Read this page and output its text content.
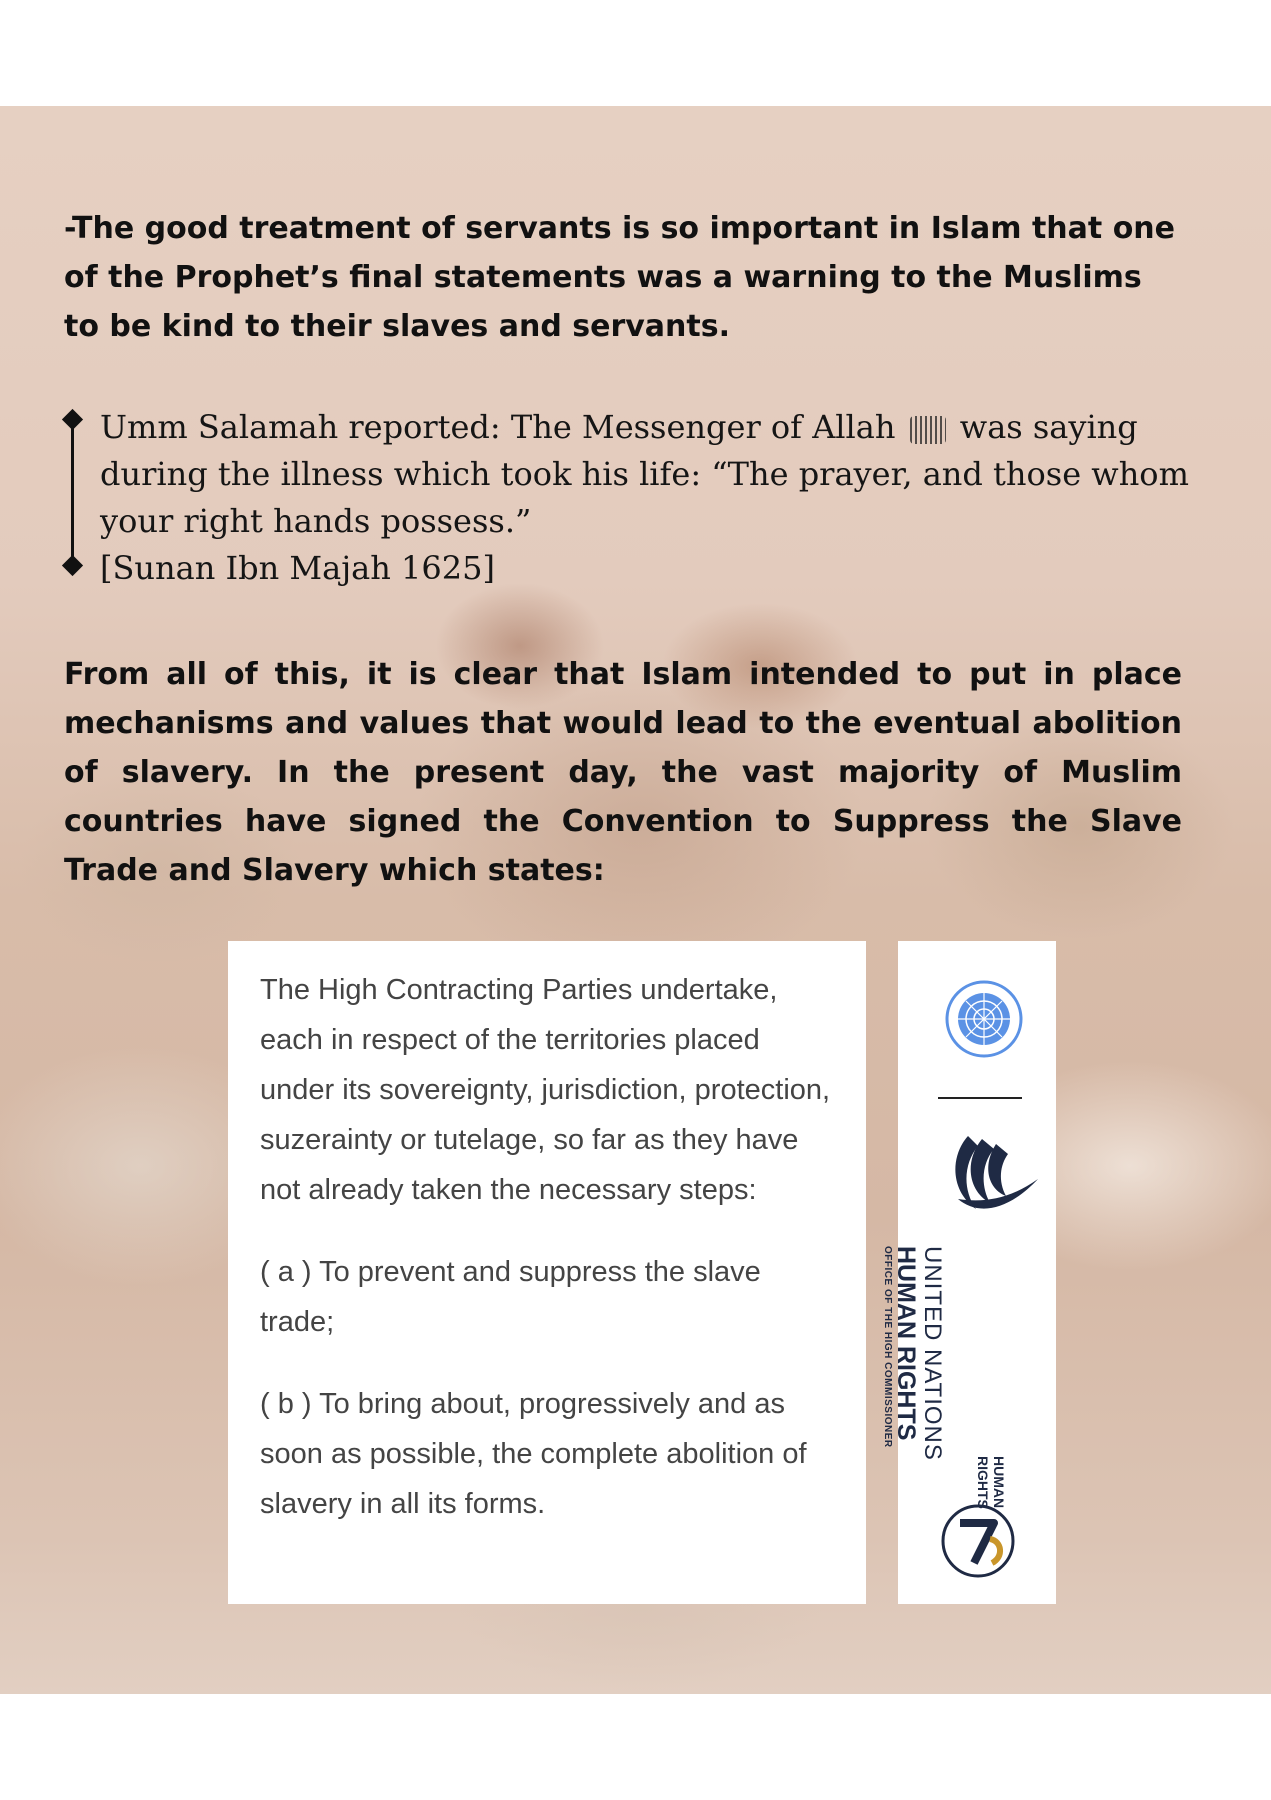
-The good treatment of servants is so important in Islam that one of the Prophet’s final statements was a warning to the Muslims to be kind to their slaves and servants.

Umm Salamah reported: The Messenger of Allah was saying during the illness which took his life: “The prayer, and those whom your right hands possess.”
[Sunan Ibn Majah 1625]

From all of this, it is clear that Islam intended to put in place mechanisms and values that would lead to the eventual abolition of slavery. In the present day, the vast majority of Muslim countries have signed the Convention to Suppress the Slave Trade and Slavery which states:

The High Contracting Parties undertake, each in respect of the territories placed under its sovereignty, jurisdiction, protection, suzerainty or tutelage, so far as they have not already taken the necessary steps:

( a ) To prevent and suppress the slave trade;

( b ) To bring about, progressively and as soon as possible, the complete abolition of slavery in all its forms.

UNITED NATIONS
HUMAN RIGHTS
OFFICE OF THE HIGH COMMISSIONER
HUMAN
RIGHTS
